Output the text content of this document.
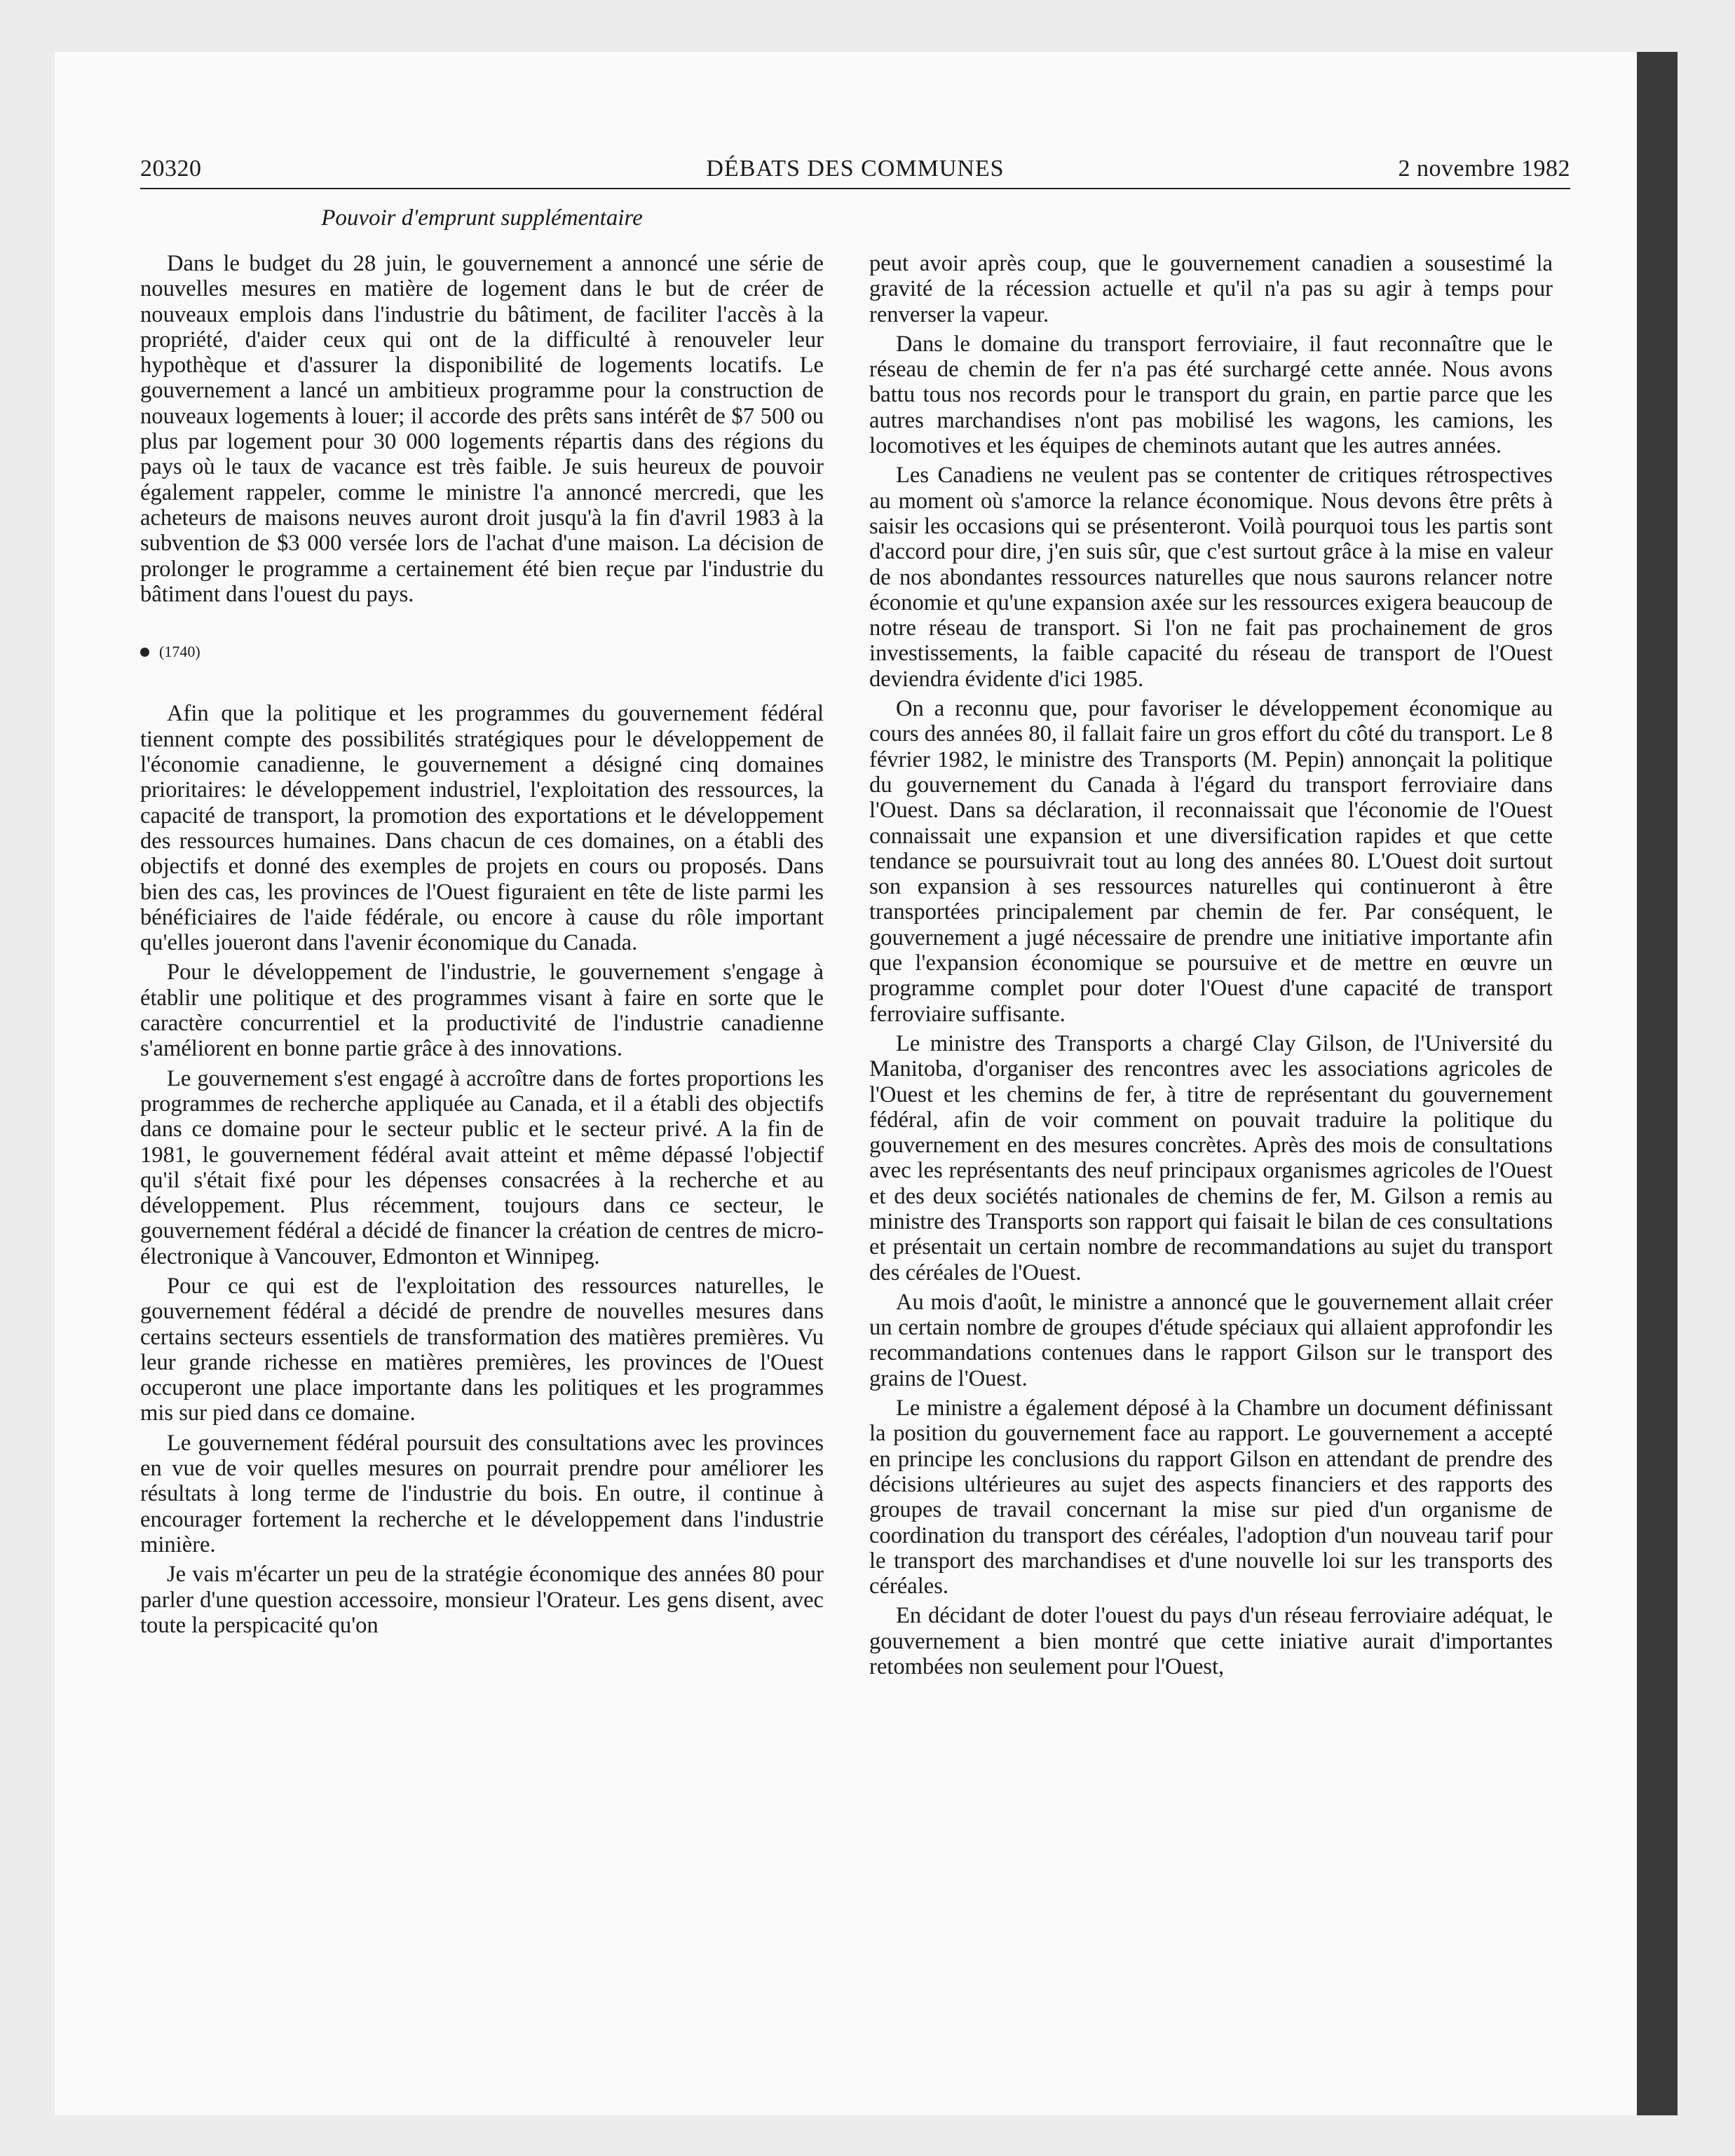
20320	DÉBATS DES COMMUNES	2 novembre 1982
Pouvoir d'emprunt supplémentaire

Dans le budget du 28 juin, le gouvernement a annoncé une série de nouvelles mesures en matière de logement dans le but de créer de nouveaux emplois dans l'industrie du bâtiment, de faciliter l'accès à la propriété, d'aider ceux qui ont de la difficulté à renouveler leur hypothèque et d'assurer la disponibilité de logements locatifs. Le gouvernement a lancé un ambitieux programme pour la construction de nouveaux logements à louer; il accorde des prêts sans intérêt de $7 500 ou plus par logement pour 30 000 logements répartis dans des régions du pays où le taux de vacance est très faible. Je suis heureux de pouvoir également rappeler, comme le ministre l'a annoncé mercredi, que les acheteurs de maisons neuves auront droit jusqu'à la fin d'avril 1983 à la subvention de $3 000 versée lors de l'achat d'une maison. La décision de prolonger le programme a certainement été bien reçue par l'industrie du bâtiment dans l'ouest du pays.

(1740)

Afin que la politique et les programmes du gouvernement fédéral tiennent compte des possibilités stratégiques pour le développement de l'économie canadienne, le gouvernement a désigné cinq domaines prioritaires: le développement industriel, l'exploitation des ressources, la capacité de transport, la promotion des exportations et le développement des ressources humaines. Dans chacun de ces domaines, on a établi des objectifs et donné des exemples de projets en cours ou proposés. Dans bien des cas, les provinces de l'Ouest figuraient en tête de liste parmi les bénéficiaires de l'aide fédérale, ou encore à cause du rôle important qu'elles joueront dans l'avenir économique du Canada.

Pour le développement de l'industrie, le gouvernement s'engage à établir une politique et des programmes visant à faire en sorte que le caractère concurrentiel et la productivité de l'industrie canadienne s'améliorent en bonne partie grâce à des innovations.

Le gouvernement s'est engagé à accroître dans de fortes proportions les programmes de recherche appliquée au Canada, et il a établi des objectifs dans ce domaine pour le secteur public et le secteur privé. A la fin de 1981, le gouvernement fédéral avait atteint et même dépassé l'objectif qu'il s'était fixé pour les dépenses consacrées à la recherche et au développement. Plus récemment, toujours dans ce secteur, le gouvernement fédéral a décidé de financer la création de centres de micro-électronique à Vancouver, Edmonton et Winnipeg.

Pour ce qui est de l'exploitation des ressources naturelles, le gouvernement fédéral a décidé de prendre de nouvelles mesures dans certains secteurs essentiels de transformation des matières premières. Vu leur grande richesse en matières premières, les provinces de l'Ouest occuperont une place importante dans les politiques et les programmes mis sur pied dans ce domaine.

Le gouvernement fédéral poursuit des consultations avec les provinces en vue de voir quelles mesures on pourrait prendre pour améliorer les résultats à long terme de l'industrie du bois. En outre, il continue à encourager fortement la recherche et le développement dans l'industrie minière.

Je vais m'écarter un peu de la stratégie économique des années 80 pour parler d'une question accessoire, monsieur l'Orateur. Les gens disent, avec toute la perspicacité qu'on

peut avoir après coup, que le gouvernement canadien a sousestimé la gravité de la récession actuelle et qu'il n'a pas su agir à temps pour renverser la vapeur.

Dans le domaine du transport ferroviaire, il faut reconnaître que le réseau de chemin de fer n'a pas été surchargé cette année. Nous avons battu tous nos records pour le transport du grain, en partie parce que les autres marchandises n'ont pas mobilisé les wagons, les camions, les locomotives et les équipes de cheminots autant que les autres années.

Les Canadiens ne veulent pas se contenter de critiques rétrospectives au moment où s'amorce la relance économique. Nous devons être prêts à saisir les occasions qui se présenteront. Voilà pourquoi tous les partis sont d'accord pour dire, j'en suis sûr, que c'est surtout grâce à la mise en valeur de nos abondantes ressources naturelles que nous saurons relancer notre économie et qu'une expansion axée sur les ressources exigera beaucoup de notre réseau de transport. Si l'on ne fait pas prochainement de gros investissements, la faible capacité du réseau de transport de l'Ouest deviendra évidente d'ici 1985.

On a reconnu que, pour favoriser le développement économique au cours des années 80, il fallait faire un gros effort du côté du transport. Le 8 février 1982, le ministre des Transports (M. Pepin) annonçait la politique du gouvernement du Canada à l'égard du transport ferroviaire dans l'Ouest. Dans sa déclaration, il reconnaissait que l'économie de l'Ouest connaissait une expansion et une diversification rapides et que cette tendance se poursuivrait tout au long des années 80. L'Ouest doit surtout son expansion à ses ressources naturelles qui continueront à être transportées principalement par chemin de fer. Par conséquent, le gouvernement a jugé nécessaire de prendre une initiative importante afin que l'expansion économique se poursuive et de mettre en œuvre un programme complet pour doter l'Ouest d'une capacité de transport ferroviaire suffisante.

Le ministre des Transports a chargé Clay Gilson, de l'Université du Manitoba, d'organiser des rencontres avec les associations agricoles de l'Ouest et les chemins de fer, à titre de représentant du gouvernement fédéral, afin de voir comment on pouvait traduire la politique du gouvernement en des mesures concrètes. Après des mois de consultations avec les représentants des neuf principaux organismes agricoles de l'Ouest et des deux sociétés nationales de chemins de fer, M. Gilson a remis au ministre des Transports son rapport qui faisait le bilan de ces consultations et présentait un certain nombre de recommandations au sujet du transport des céréales de l'Ouest.

Au mois d'août, le ministre a annoncé que le gouvernement allait créer un certain nombre de groupes d'étude spéciaux qui allaient approfondir les recommandations contenues dans le rapport Gilson sur le transport des grains de l'Ouest.

Le ministre a également déposé à la Chambre un document définissant la position du gouvernement face au rapport. Le gouvernement a accepté en principe les conclusions du rapport Gilson en attendant de prendre des décisions ultérieures au sujet des aspects financiers et des rapports des groupes de travail concernant la mise sur pied d'un organisme de coordination du transport des céréales, l'adoption d'un nouveau tarif pour le transport des marchandises et d'une nouvelle loi sur les transports des céréales.

En décidant de doter l'ouest du pays d'un réseau ferroviaire adéquat, le gouvernement a bien montré que cette iniative aurait d'importantes retombées non seulement pour l'Ouest,
